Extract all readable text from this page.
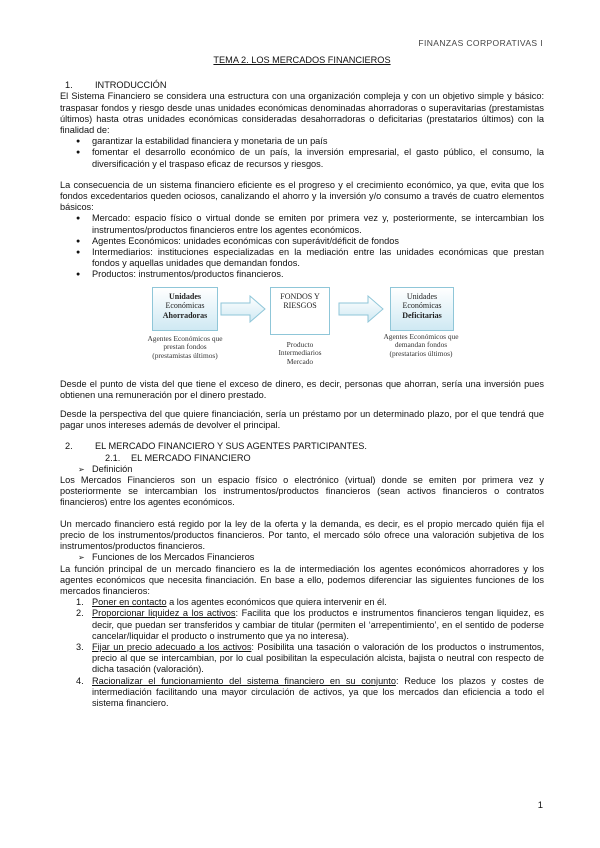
FINANZAS CORPORATIVAS I
TEMA 2. LOS MERCADOS FINANCIEROS
1.	INTRODUCCIÓN

El Sistema Financiero se considera una estructura con una organización compleja y con un objetivo simple y básico: traspasar fondos y riesgo desde unas unidades económicas denominadas ahorradoras o superavitarias (prestamistas últimos) hasta otras unidades económicas consideradas desahorradoras o deficitarias (prestatarios últimos) con la finalidad de:

● garantizar la estabilidad financiera y monetaria de un país
● fomentar el desarrollo económico de un país, la inversión empresarial, el gasto público, el consumo, la diversificación y el traspaso eficaz de recursos y riesgos.

La consecuencia de un sistema financiero eficiente es el progreso y el crecimiento económico, ya que, evita que los fondos excedentarios queden ociosos, canalizando el ahorro y la inversión y/o consumo a través de cuatro elementos básicos:

● Mercado: espacio físico o virtual donde se emiten por primera vez y, posteriormente, se intercambian los instrumentos/productos financieros entre los agentes económicos.
● Agentes Económicos: unidades económicas con superávit/déficit de fondos
● Intermediarios: instituciones especializadas en la mediación entre las unidades económicas que prestan fondos y aquellas unidades que demandan fondos.
● Productos: instrumentos/productos financieros.
Unidades
Económicas
Ahorradoras
FONDOS Y
RIESGOS
Unidades
Económicas
Deficitarias
Agentes Económicos que
prestan fondos
(prestamistas últimos)
Producto
Intermediarios
Mercado
Agentes Económicos que
demandan fondos
(prestatarios últimos)

Desde el punto de vista del que tiene el exceso de dinero, es decir, personas que ahorran, sería una inversión pues obtienen una remuneración por el dinero prestado.

Desde la perspectiva del que quiere financiación, sería un préstamo por un determinado plazo, por el que tendrá que pagar unos intereses además de devolver el principal.

2.	EL MERCADO FINANCIERO Y SUS AGENTES PARTICIPANTES.
2.1.	EL MERCADO FINANCIERO
➢ Definición

Los Mercados Financieros son un espacio físico o electrónico (virtual) donde se emiten por primera vez y posteriormente se intercambian los instrumentos/productos financieros (sean activos financieros o contratos financieros) entre los agentes económicos.

Un mercado financiero está regido por la ley de la oferta y la demanda, es decir, es el propio mercado quién fija el precio de los instrumentos/productos financieros. Por tanto, el mercado sólo ofrece una valoración subjetiva de los instrumentos/productos financieros.

➢ Funciones de los Mercados Financieros

La función principal de un mercado financiero es la de intermediación los agentes económicos ahorradores y los agentes económicos que necesita financiación. En base a ello, podemos diferenciar las siguientes funciones de los mercados financieros:

1. Poner en contacto a los agentes económicos que quiera intervenir en él.
2. Proporcionar liquidez a los activos: Facilita que los productos e instrumentos financieros tengan liquidez, es decir, que puedan ser transferidos y cambiar de titular (permiten el ‘arrepentimiento’, en el sentido de poderse cancelar/liquidar el producto o instrumento que ya no interesa).
3. Fijar un precio adecuado a los activos: Posibilita una tasación o valoración de los productos o instrumentos, precio al que se intercambian, por lo cual posibilitan la especulación alcista, bajista o neutral con respecto de dicha tasación (valoración).
4. Racionalizar el funcionamiento del sistema financiero en su conjunto: Reduce los plazos y costes de intermediación facilitando una mayor circulación de activos, ya que los mercados dan eficiencia a todo el sistema financiero.
1
